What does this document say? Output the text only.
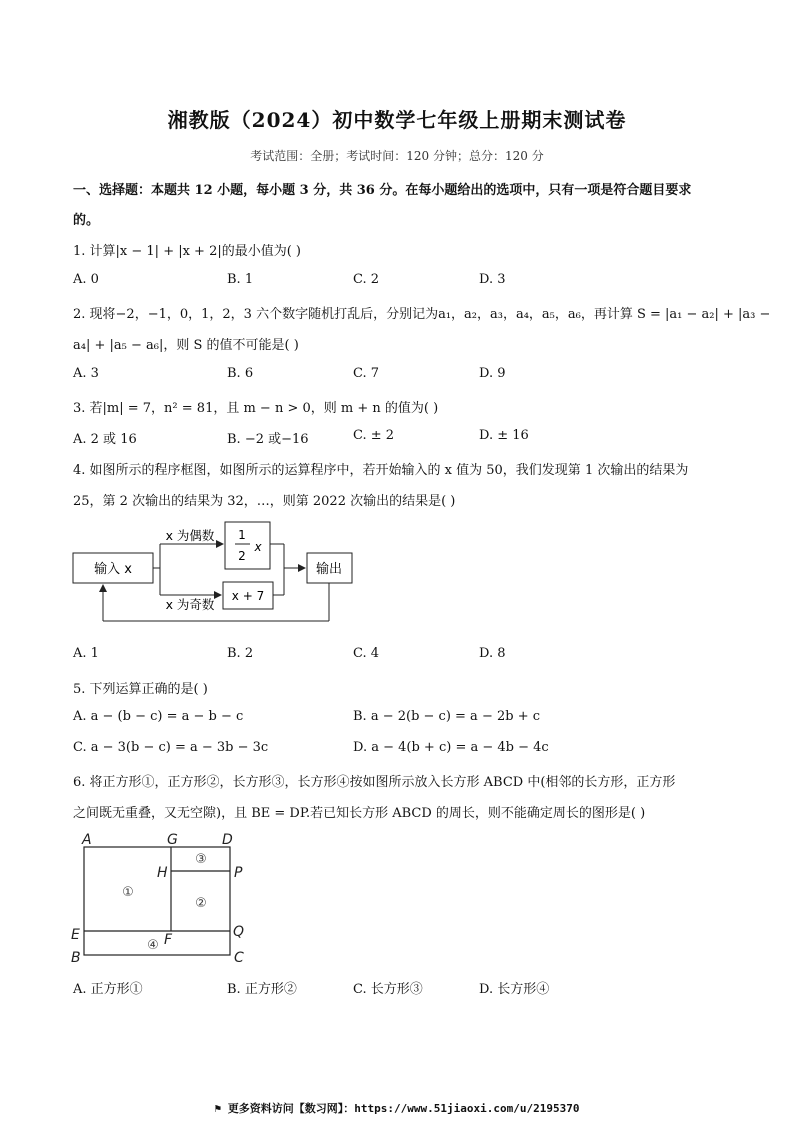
湘教版（2024）初中数学七年级上册期末测试卷
考试范围：全册；考试时间：120 分钟；总分：120 分
一、选择题：本题共 12 小题，每小题 3 分，共 36 分。在每小题给出的选项中，只有一项是符合题目要求
的。
1. 计算|x − 1| + |x + 2|的最小值为( )
A. 0	B. 1	C. 2	D. 3
2. 现将−2，−1，0，1，2，3 六个数字随机打乱后，分别记为a₁，a₂，a₃，a₄，a₅，a₆，再计算 S = |a₁ − a₂| + |a₃ −
a₄| + |a₅ − a₆|，则 S 的值不可能是( )
A. 3	B. 6	C. 7	D. 9
3. 若|m| = 7，n² = 81，且 m − n > 0，则 m + n 的值为( )
A. 2 或 16	B. −2 或−16	C. ± 2	D. ± 16
4. 如图所示的程序框图，如图所示的运算程序中，若开始输入的 x 值为 50，我们发现第 1 次输出的结果为
25，第 2 次输出的结果为 32，…，则第 2022 次输出的结果是( )
输入 x
x 为偶数
x 为奇数
1
2
x
x + 7
输出
A. 1	B. 2	C. 4	D. 8
5. 下列运算正确的是( )
A. a − (b − c) = a − b − c	B. a − 2(b − c) = a − 2b + c
C. a − 3(b − c) = a − 3b − 3c	D. a − 4(b + c) = a − 4b − 4c
6. 将正方形①，正方形②，长方形③，长方形④按如图所示放入长方形 ABCD 中(相邻的长方形，正方形
之间既无重叠，又无空隙)，且 BE = DP.若已知长方形 ABCD 的周长，则不能确定周长的图形是( )
A	G	D
H	P
E	F	Q
B	C
①
③
②
④
A. 正方形①	B. 正方形②	C. 长方形③	D. 长方形④
⚑ 更多资料访问【数习网】：https://www.51jiaoxi.com/u/2195370
